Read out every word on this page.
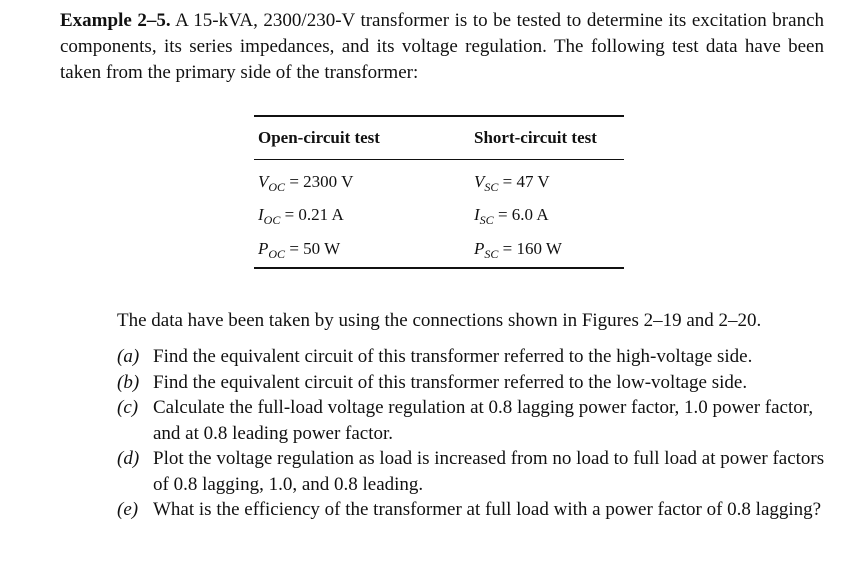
Example 2–5. A 15-kVA, 2300/230-V transformer is to be tested to determine its excitation branch components, its series impedances, and its voltage regulation. The following test data have been taken from the primary side of the transformer:
Open-circuit test	Short-circuit test
$V_{OC} = 2300$ V	$V_{SC} = 47$ V
$I_{OC} = 0.21$ A	$I_{SC} = 6.0$ A
$P_{OC} = 50$ W	$P_{SC} = 160$ W
The data have been taken by using the connections shown in Figures 2–19 and 2–20.
(a) Find the equivalent circuit of this transformer referred to the high-voltage side.
(b) Find the equivalent circuit of this transformer referred to the low-voltage side.
(c) Calculate the full-load voltage regulation at 0.8 lagging power factor, 1.0 power factor, and at 0.8 leading power factor.
(d) Plot the voltage regulation as load is increased from no load to full load at power factors of 0.8 lagging, 1.0, and 0.8 leading.
(e) What is the efficiency of the transformer at full load with a power factor of 0.8 lagging?
